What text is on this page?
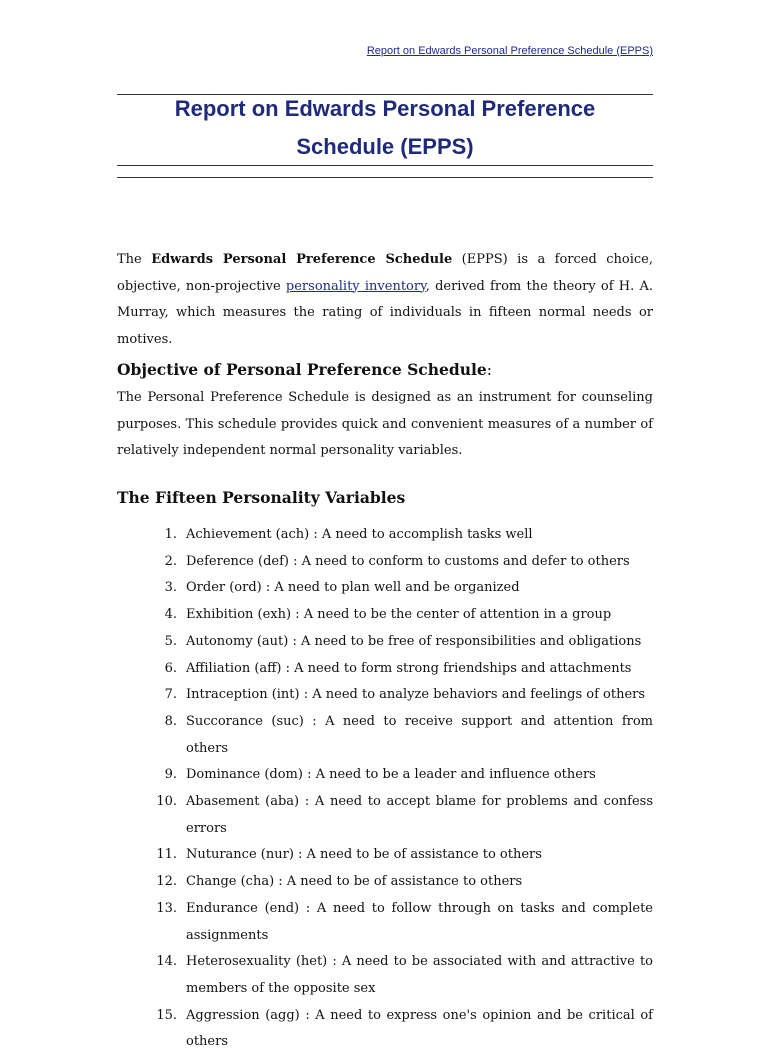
Report on Edwards Personal Preference Schedule (EPPS)
Report on Edwards Personal Preference
Schedule (EPPS)

The Edwards Personal Preference Schedule (EPPS) is a forced choice, objective, non-projective personality inventory, derived from the theory of H. A. Murray, which measures the rating of individuals in fifteen normal needs or motives.

Objective of Personal Preference Schedule:

The Personal Preference Schedule is designed as an instrument for counseling purposes. This schedule provides quick and convenient measures of a number of relatively independent normal personality variables.

The Fifteen Personality Variables
1. Achievement (ach) : A need to accomplish tasks well
2. Deference (def) : A need to conform to customs and defer to others
3. Order (ord) : A need to plan well and be organized
4. Exhibition (exh) : A need to be the center of attention in a group
5. Autonomy (aut) : A need to be free of responsibilities and obligations
6. Affiliation (aff) : A need to form strong friendships and attachments
7. Intraception (int) : A need to analyze behaviors and feelings of others
8. Succorance (suc) : A need to receive support and attention from others
9. Dominance (dom) : A need to be a leader and influence others
10. Abasement (aba) : A need to accept blame for problems and confess errors
11. Nuturance (nur) : A need to be of assistance to others
12. Change (cha) : A need to be of assistance to others
13. Endurance (end) : A need to follow through on tasks and complete assignments
14. Heterosexuality (het) : A need to be associated with and attractive to members of the opposite sex
15. Aggression (agg) : A need to express one's opinion and be critical of others
